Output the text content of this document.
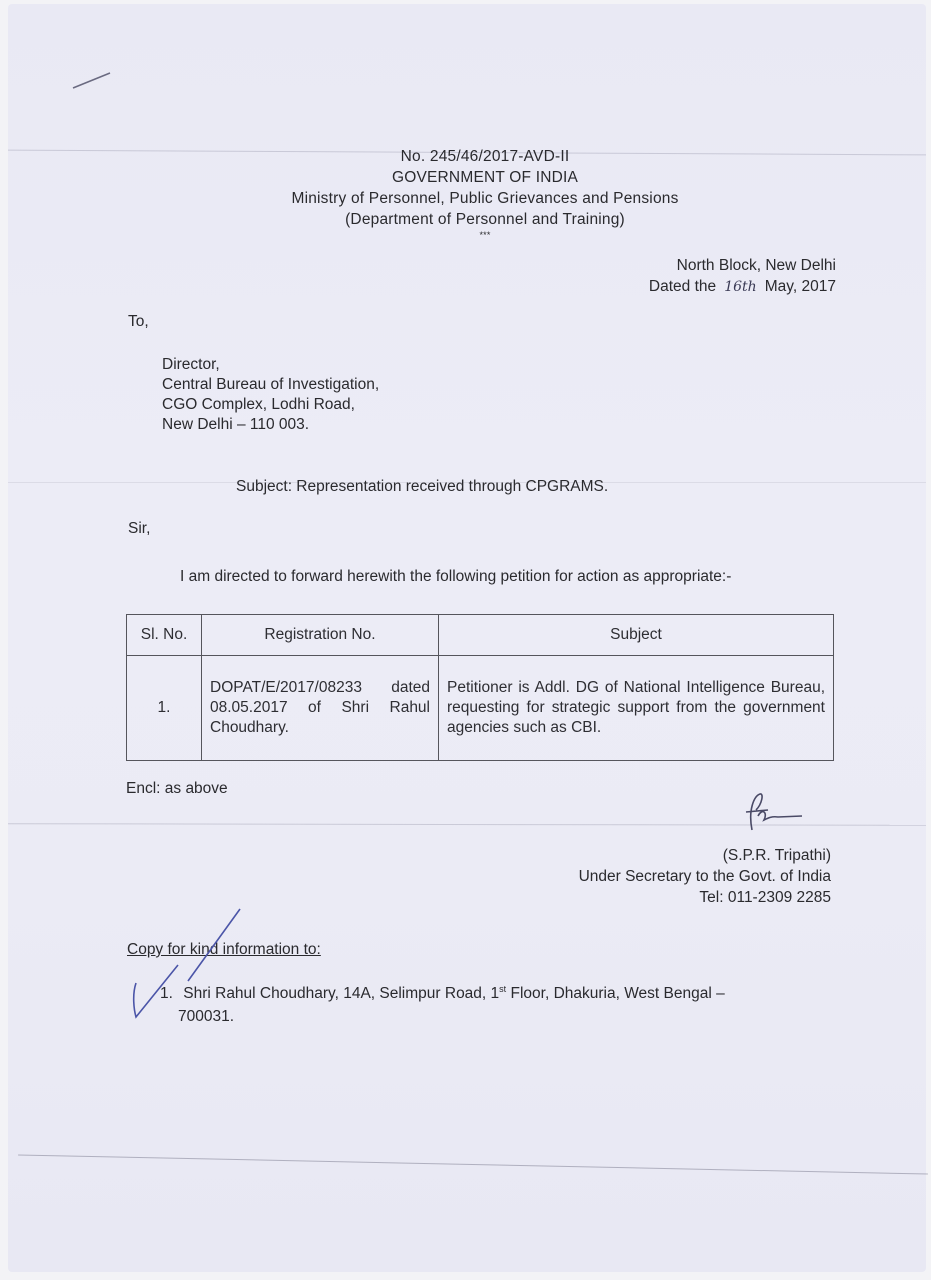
No. 245/46/2017-AVD-II
GOVERNMENT OF INDIA
Ministry of Personnel, Public Grievances and Pensions
(Department of Personnel and Training)
***
North Block, New Delhi
Dated the 16th May, 2017
To,
Director,
Central Bureau of Investigation,
CGO Complex, Lodhi Road,
New Delhi – 110 003.
Subject: Representation received through CPGRAMS.
Sir,
I am directed to forward herewith the following petition for action as appropriate:-
Sl. No.	Registration No.	Subject
1.	DOPAT/E/2017/08233 dated 08.05.2017 of Shri Rahul Choudhary.	Petitioner is Addl. DG of National Intelligence Bureau, requesting for strategic support from the government agencies such as CBI.
Encl: as above
(S.P.R. Tripathi)
Under Secretary to the Govt. of India
Tel: 011-2309 2285
Copy for kind information to:
1. Shri Rahul Choudhary, 14A, Selimpur Road, 1st Floor, Dhakuria, West Bengal –
700031.
